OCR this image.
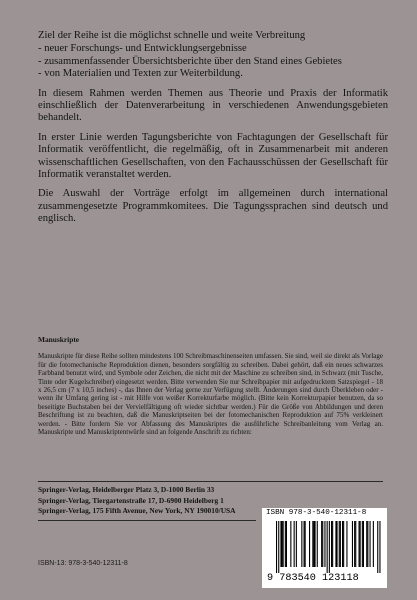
Ziel der Reihe ist die möglichst schnelle und weite Verbreitung

- neuer Forschungs- und Entwicklungsergebnisse
- zusammenfassender Übersichtsberichte über den Stand eines Gebietes
- von Materialien und Texten zur Weiterbildung.

In diesem Rahmen werden Themen aus Theorie und Praxis der Informatik einschließlich der Datenverarbeitung in verschiedenen Anwendungsgebieten behandelt.

In erster Linie werden Tagungsberichte von Fachtagungen der Gesellschaft für Informatik veröffentlicht, die regelmäßig, oft in Zusammenarbeit mit anderen wissenschaftlichen Gesellschaften, von den Fachausschüssen der Gesellschaft für Informatik veranstaltet werden.

Die Auswahl der Vorträge erfolgt im allgemeinen durch international zusammengesetzte Programmkomitees. Die Tagungssprachen sind deutsch und englisch.

Manuskripte

Manuskripte für diese Reihe sollten mindestens 100 Schreibmaschinenseiten umfassen. Sie sind, weil sie direkt als Vorlage für die fotomechanische Reproduktion dienen, besonders sorgfältig zu schreiben. Dabei gehört, daß ein neues schwarzes Farbband benutzt wird, und Symbole oder Zeichen, die nicht mit der Maschine zu schreiben sind, in Schwarz (mit Tusche, Tinte oder Kugelschreiber) eingesetzt werden. Bitte verwenden Sie nur Schreibpapier mit aufgedrucktem Satzspiegel - 18 x 26,5 cm (7 x 10,5 inches) -, das Ihnen der Verlag gerne zur Verfügung stellt. Änderungen sind durch Überkleben oder - wenn ihr Umfang gering ist - mit Hilfe von weißer Korrekturfarbe möglich. (Bitte kein Korrekturpapier benutzen, da so beseitigte Buchstaben bei der Vervielfältigung oft wieder sichtbar werden.) Für die Größe von Abbildungen und deren Beschriftung ist zu beachten, daß die Manuskriptseiten bei der fotomechanischen Reproduktion auf 75% verkleinert werden. - Bitte fordern Sie vor Abfassung des Manuskriptes die ausführliche Schreibanleitung vom Verlag an. Manuskripte und Manuskriptentwürfe sind an folgende Anschrift zu richten:

Springer-Verlag, Heidelberger Platz 3, D-1000 Berlin 33
Springer-Verlag, Tiergartenstraße 17, D-6900 Heidelberg 1
Springer-Verlag, 175 Fifth Avenue, New York, NY 190010/USA
ISBN-13: 978-3-540-12311-8
ISBN 978-3-540-12311-8
9 783540 123118
